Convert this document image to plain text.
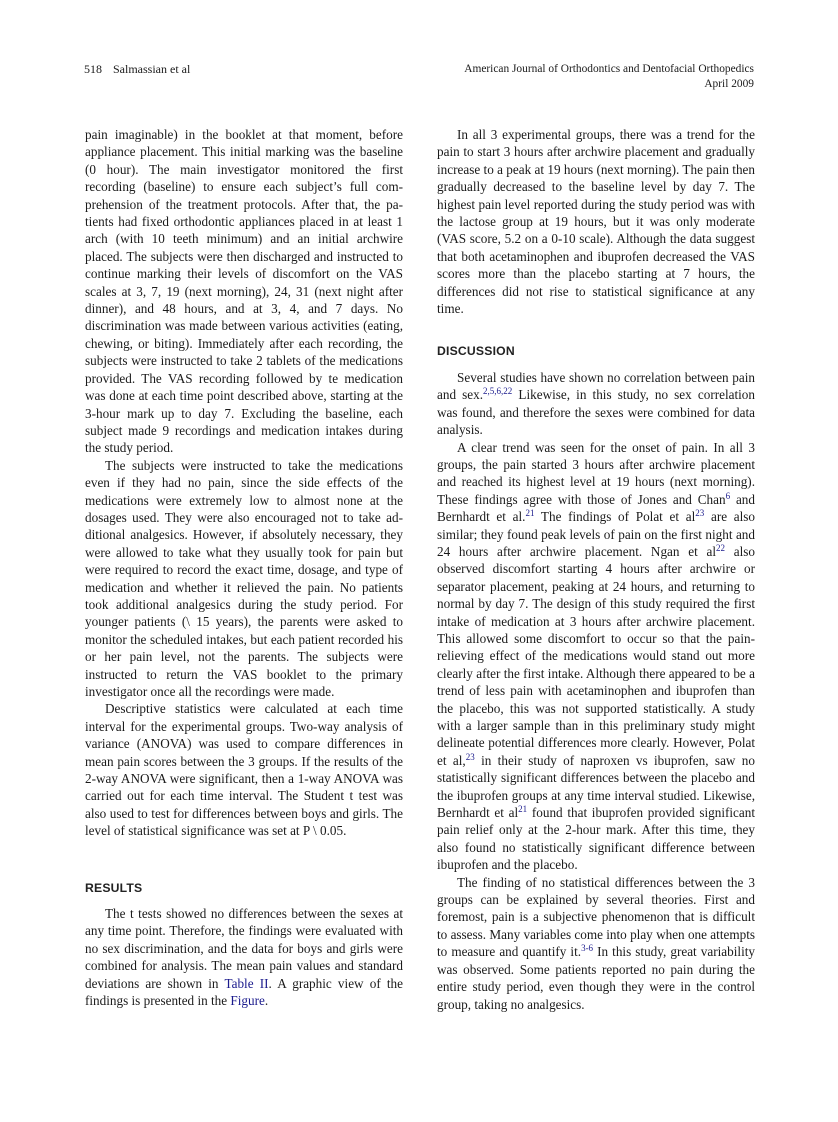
518 Salmassian et al	American Journal of Orthodontics and Dentofacial Orthopedics
April 2009

pain imaginable) in the booklet at that moment, before appliance placement. This initial marking was the baseline (0 hour). The main investigator monitored the first recording (baseline) to ensure each subject’s full comprehension of the treatment protocols. After that, the patients had fixed orthodontic appliances placed in at least 1 arch (with 10 teeth minimum) and an initial archwire placed. The subjects were then discharged and instructed to continue marking their levels of discomfort on the VAS scales at 3, 7, 19 (next morning), 24, 31 (next night after dinner), and 48 hours, and at 3, 4, and 7 days. No discrimination was made between various activities (eating, chewing, or biting). Immediately after each recording, the subjects were instructed to take 2 tablets of the medications provided. The VAS recording followed by te medication was done at each time point described above, starting at the 3-hour mark up to day 7. Excluding the baseline, each subject made 9 recordings and medication intakes during the study period.

The subjects were instructed to take the medications even if they had no pain, since the side effects of the medications were extremely low to almost none at the dosages used. They were also encouraged not to take additional analgesics. However, if absolutely necessary, they were allowed to take what they usually took for pain but were required to record the exact time, dosage, and type of medication and whether it relieved the pain. No patients took additional analgesics during the study period. For younger patients (\ 15 years), the parents were asked to monitor the scheduled intakes, but each patient recorded his or her pain level, not the parents. The subjects were instructed to return the VAS booklet to the primary investigator once all the recordings were made.

Descriptive statistics were calculated at each time interval for the experimental groups. Two-way analysis of variance (ANOVA) was used to compare differences in mean pain scores between the 3 groups. If the results of the 2-way ANOVA were significant, then a 1-way ANOVA was carried out for each time interval. The Student t test was also used to test for differences between boys and girls. The level of statistical significance was set at P \ 0.05.

RESULTS

The t tests showed no differences between the sexes at any time point. Therefore, the findings were evaluated with no sex discrimination, and the data for boys and girls were combined for analysis. The mean pain values and standard deviations are shown in Table II. A graphic view of the findings is presented in the Figure.

In all 3 experimental groups, there was a trend for the pain to start 3 hours after archwire placement and gradually increase to a peak at 19 hours (next morning). The pain then gradually decreased to the baseline level by day 7. The highest pain level reported during the study period was with the lactose group at 19 hours, but it was only moderate (VAS score, 5.2 on a 0-10 scale). Although the data suggest that both acetaminophen and ibuprofen decreased the VAS scores more than the placebo starting at 7 hours, the differences did not rise to statistical significance at any time.

DISCUSSION

Several studies have shown no correlation between pain and sex.$^{2,5,6,22}$ Likewise, in this study, no sex correlation was found, and therefore the sexes were combined for data analysis.

A clear trend was seen for the onset of pain. In all 3 groups, the pain started 3 hours after archwire placement and reached its highest level at 19 hours (next morning). These findings agree with those of Jones and Chan$^6$ and Bernhardt et al.$^{21}$ The findings of Polat et $al^{23}$ are also similar; they found peak levels of pain on the first night and 24 hours after archwire placement. Ngan et $al^{22}$ also observed discomfort starting 4 hours after archwire or separator placement, peaking at 24 hours, and returning to normal by day 7. The design of this study required the first intake of medication at 3 hours after archwire placement. This allowed some discomfort to occur so that the pain-relieving effect of the medications would stand out more clearly after the first intake. Although there appeared to be a trend of less pain with acetaminophen and ibuprofen than the placebo, this was not supported statistically. A study with a larger sample than in this preliminary study might delineate potential differences more clearly. However, Polat et al,$^{23}$ in their study of naproxen vs ibuprofen, saw no statistically significant differences between the placebo and the ibuprofen groups at any time interval studied. Likewise, Bernhardt et $al^{21}$ found that ibuprofen provided significant pain relief only at the 2-hour mark. After this time, they also found no statistically significant difference between ibuprofen and the placebo.

The finding of no statistical differences between the 3 groups can be explained by several theories. First and foremost, pain is a subjective phenomenon that is difficult to assess. Many variables come into play when one attempts to measure and quantify it.$^{3-6}$ In this study, great variability was observed. Some patients reported no pain during the entire study period, even though they were in the control group, taking no analgesics.
